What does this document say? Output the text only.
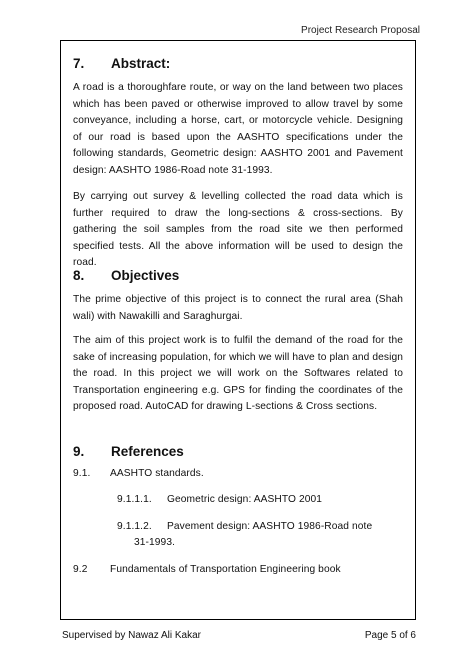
Project Research Proposal
7. Abstract:

A road is a thoroughfare route, or way on the land between two places which has been paved or otherwise improved to allow travel by some conveyance, including a horse, cart, or motorcycle vehicle. Designing of our road is based upon the AASHTO specifications under the following standards, Geometric design: AASHTO 2001 and Pavement design: AASHTO 1986-Road note 31-1993.

By carrying out survey & levelling collected the road data which is further required to draw the long-sections & cross-sections. By gathering the soil samples from the road site we then performed specified tests. All the above information will be used to design the road.

8. Objectives

The prime objective of this project is to connect the rural area (Shah wali) with Nawakilli and Saraghurgai.

The aim of this project work is to fulfil the demand of the road for the sake of increasing population, for which we will have to plan and design the road. In this project we will work on the Softwares related to Transportation engineering e.g. GPS for finding the coordinates of the proposed road. AutoCAD for drawing L-sections & Cross sections.

9. References
9.1. AASHTO standards.
9.1.1.1. Geometric design: AASHTO 2001
9.1.1.2. Pavement design: AASHTO 1986-Road note
31-1993.
9.2 Fundamentals of Transportation Engineering book
Supervised by Nawaz Ali Kakar	Page 5 of 6
